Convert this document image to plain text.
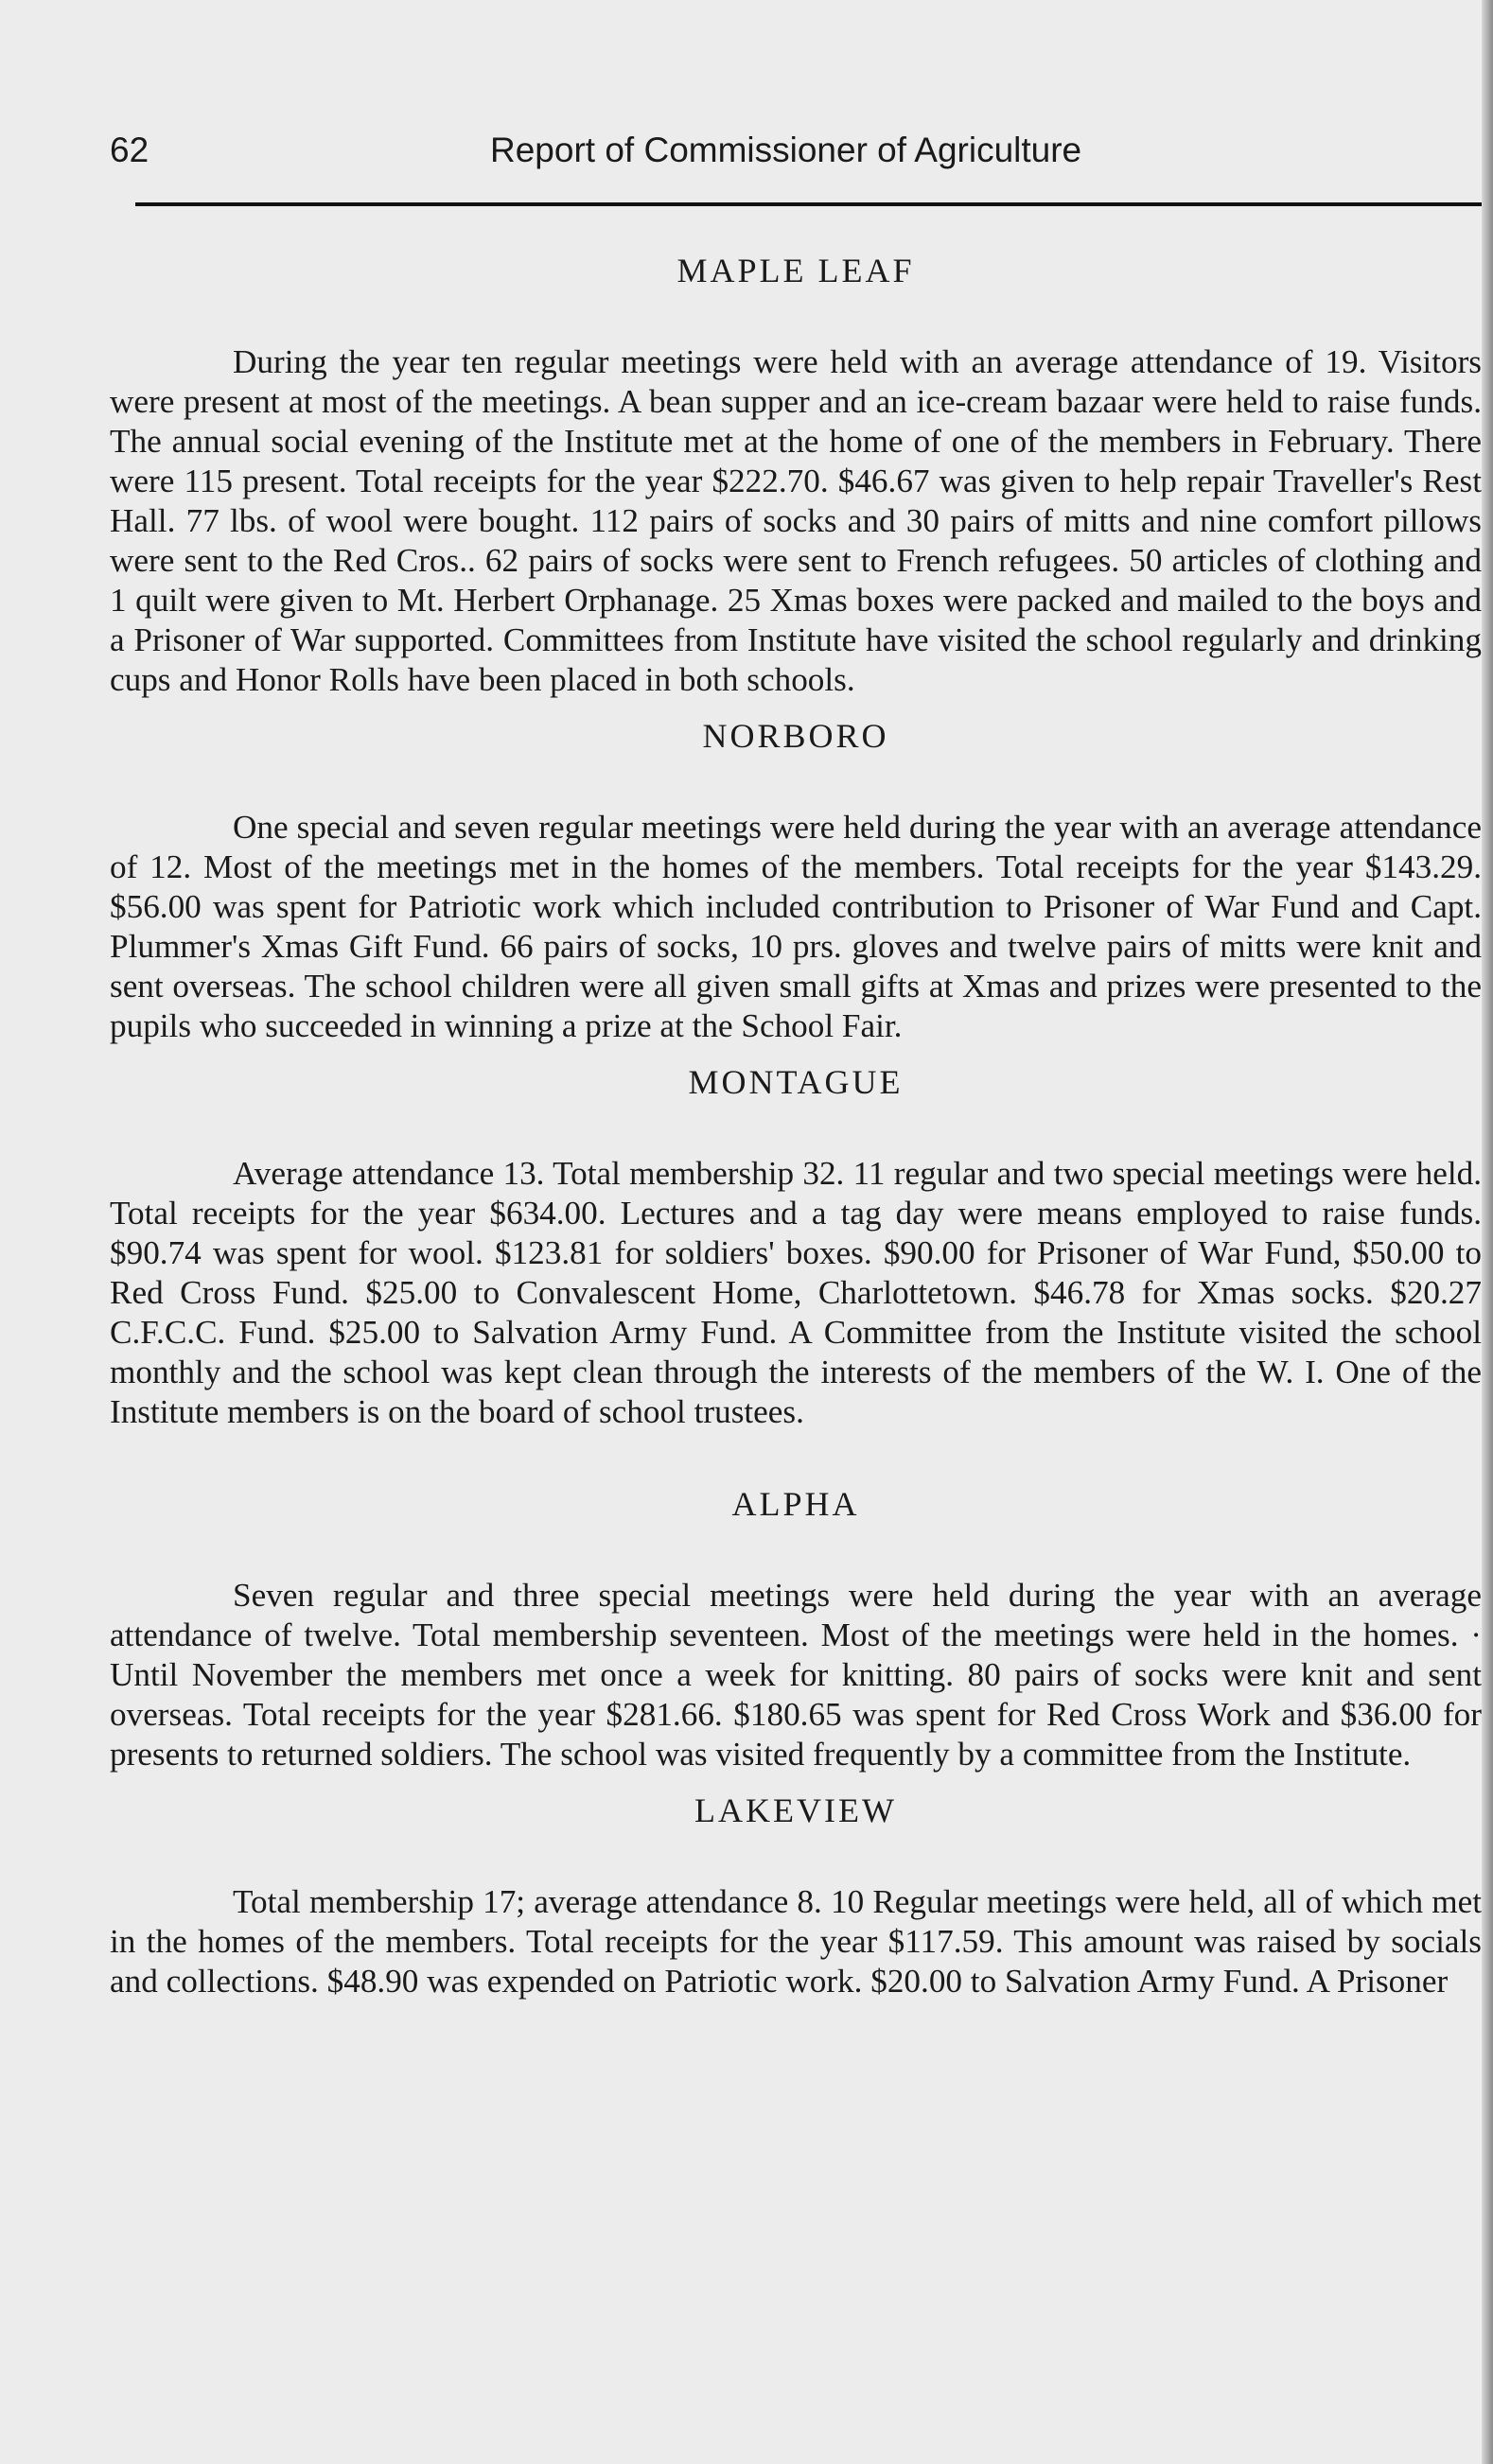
62	Report of Commissioner of Agriculture
MAPLE LEAF

During the year ten regular meetings were held with an average attendance of 19. Visitors were present at most of the meetings. A bean supper and an ice-cream bazaar were held to raise funds. The annual social evening of the Institute met at the home of one of the members in February. There were 115 present. Total receipts for the year $222.70. $46.67 was given to help repair Traveller's Rest Hall. 77 lbs. of wool were bought. 112 pairs of socks and 30 pairs of mitts and nine comfort pillows were sent to the Red Cros.. 62 pairs of socks were sent to French refugees. 50 articles of clothing and 1 quilt were given to Mt. Herbert Orphanage. 25 Xmas boxes were packed and mailed to the boys and a Prisoner of War supported. Committees from Institute have visited the school regularly and drinking cups and Honor Rolls have been placed in both schools.

NORBORO

One special and seven regular meetings were held during the year with an average attendance of 12. Most of the meetings met in the homes of the members. Total receipts for the year $143.29. $56.00 was spent for Patriotic work which included contribution to Prisoner of War Fund and Capt. Plummer's Xmas Gift Fund. 66 pairs of socks, 10 prs. gloves and twelve pairs of mitts were knit and sent overseas. The school children were all given small gifts at Xmas and prizes were presented to the pupils who succeeded in winning a prize at the School Fair.

MONTAGUE

Average attendance 13. Total membership 32. 11 regular and two special meetings were held. Total receipts for the year $634.00. Lectures and a tag day were means employed to raise funds. $90.74 was spent for wool. $123.81 for soldiers' boxes. $90.00 for Prisoner of War Fund, $50.00 to Red Cross Fund. $25.00 to Convalescent Home, Charlottetown. $46.78 for Xmas socks. $20.27 C.F.C.C. Fund. $25.00 to Salvation Army Fund. A Committee from the Institute visited the school monthly and the school was kept clean through the interests of the members of the W. I. One of the Institute members is on the board of school trustees.

ALPHA

Seven regular and three special meetings were held during the year with an average attendance of twelve. Total membership seventeen. Most of the meetings were held in the homes. · Until November the members met once a week for knitting. 80 pairs of socks were knit and sent overseas. Total receipts for the year $281.66. $180.65 was spent for Red Cross Work and $36.00 for presents to returned soldiers. The school was visited frequently by a committee from the Institute.

LAKEVIEW

Total membership 17; average attendance 8. 10 Regular meetings were held, all of which met in the homes of the members. Total receipts for the year $117.59. This amount was raised by socials and collections. $48.90 was expended on Patriotic work. $20.00 to Salvation Army Fund. A Prisoner
